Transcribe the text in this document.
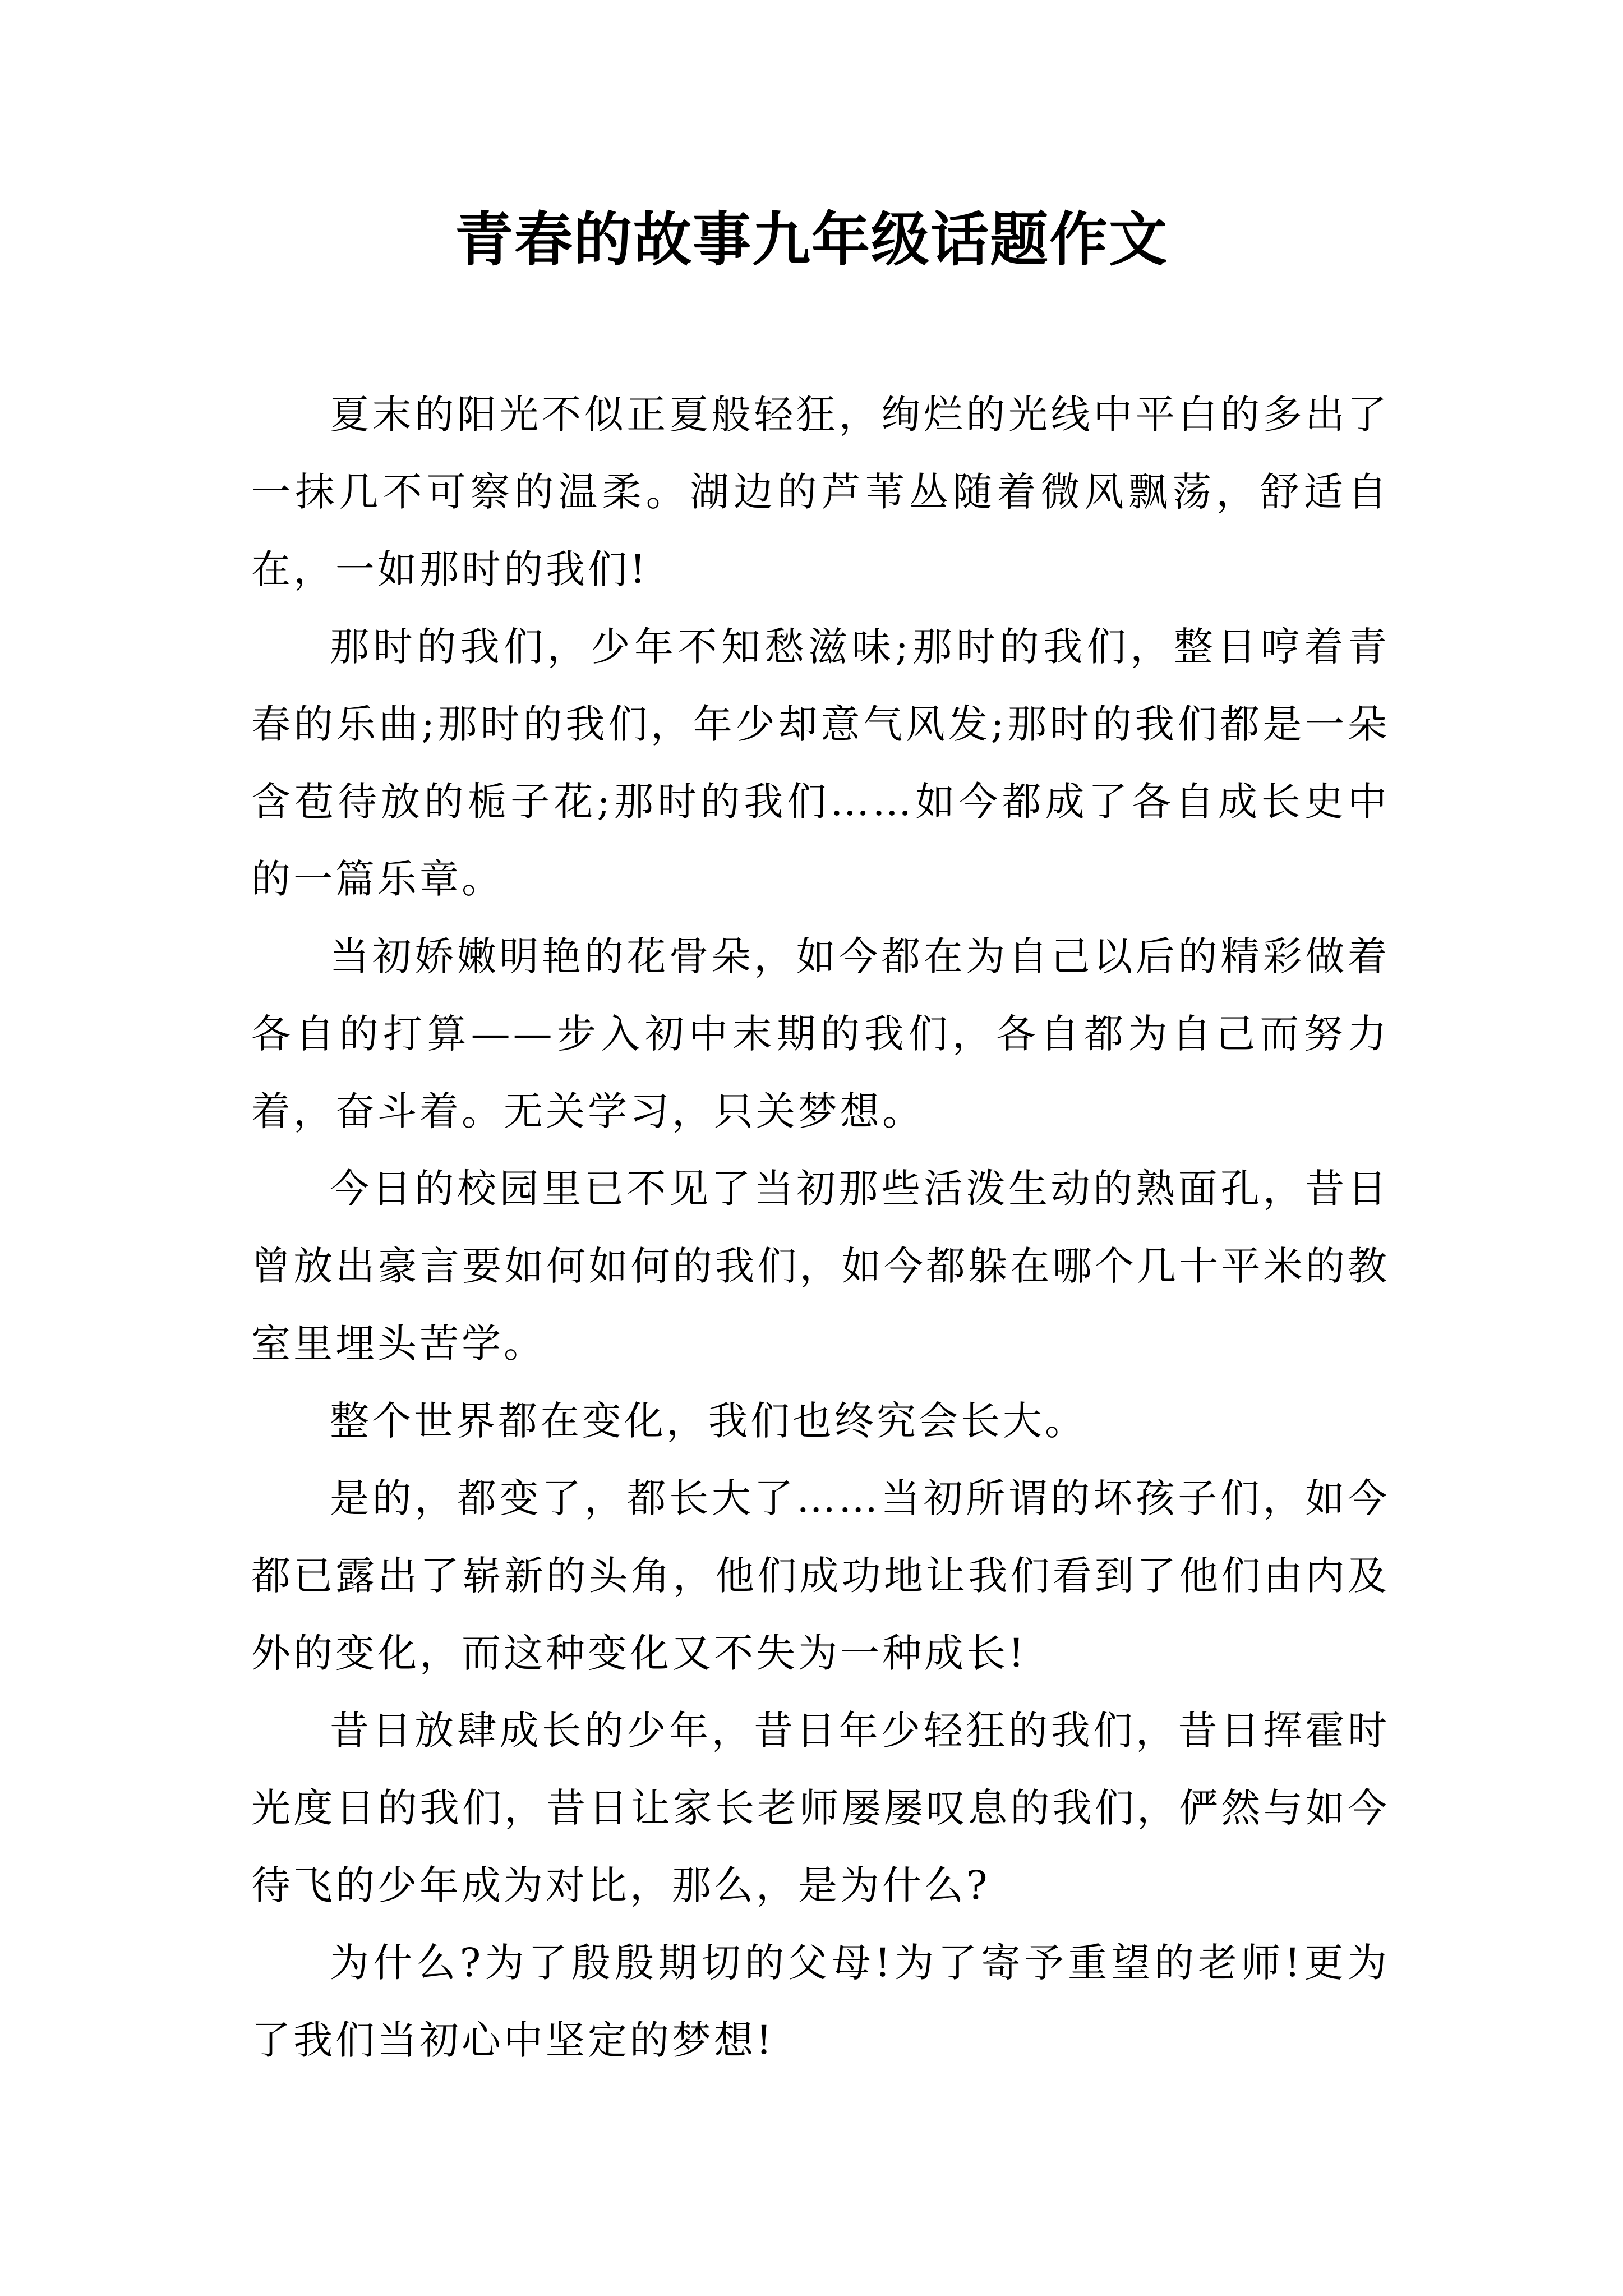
青春的故事九年级话题作文

夏末的阳光不似正夏般轻狂，绚烂的光线中平白的多出了一抹几不可察的温柔。湖边的芦苇丛随着微风飘荡，舒适自在，一如那时的我们!

那时的我们，少年不知愁滋味;那时的我们，整日哼着青春的乐曲;那时的我们，年少却意气风发;那时的我们都是一朵含苞待放的栀子花;那时的我们……如今都成了各自成长史中的一篇乐章。

当初娇嫩明艳的花骨朵，如今都在为自己以后的精彩做着各自的打算——步入初中末期的我们，各自都为自己而努力着，奋斗着。无关学习，只关梦想。

今日的校园里已不见了当初那些活泼生动的熟面孔，昔日曾放出豪言要如何如何的我们，如今都躲在哪个几十平米的教室里埋头苦学。

整个世界都在变化，我们也终究会长大。

是的，都变了，都长大了……当初所谓的坏孩子们，如今都已露出了崭新的头角，他们成功地让我们看到了他们由内及外的变化，而这种变化又不失为一种成长!

昔日放肆成长的少年，昔日年少轻狂的我们，昔日挥霍时光度日的我们，昔日让家长老师屡屡叹息的我们，俨然与如今待飞的少年成为对比，那么，是为什么?

为什么?为了殷殷期切的父母!为了寄予重望的老师!更为了我们当初心中坚定的梦想!
